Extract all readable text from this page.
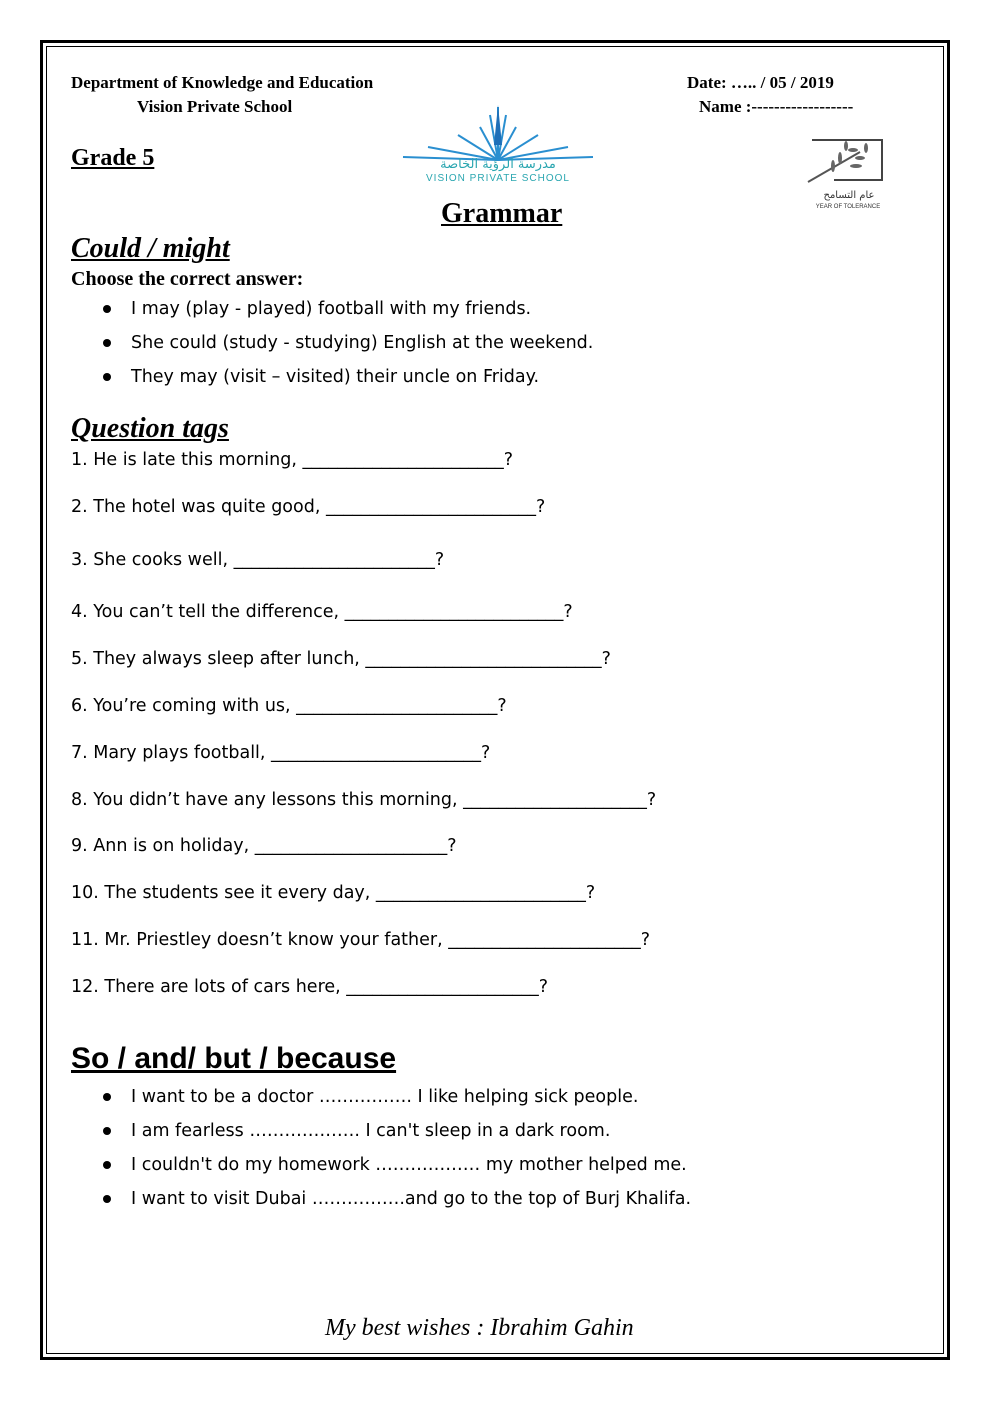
Department of Knowledge and Education
Vision Private School
Date: ….. / 05 / 2019
Name :------------------
Grade 5	مدرسة الرؤية الخاصة
VISION PRIVATE SCHOOL
عام التسامح
YEAR OF TOLERANCE
Grammar
Could / might
Choose the correct answer:
I may (play - played) football with my friends.
She could (study - studying) English at the weekend.
They may (visit – visited) their uncle on Friday.
Question tags
1. He is late this morning, _______________________?
2. The hotel was quite good, ________________________?
3. She cooks well, _______________________?
4. You can’t tell the difference, _________________________?
5. They always sleep after lunch, ___________________________?
6. You’re coming with us, _______________________?
7. Mary plays football, ________________________?
8. You didn’t have any lessons this morning, _____________________?
9. Ann is on holiday, ______________________?
10. The students see it every day, ________________________?
11. Mr. Priestley doesn’t know your father, ______________________?
12. There are lots of cars here, ______________________?
So / and/ but / because
I want to be a doctor ……………. I like helping sick people.
I am fearless ………………. I can't sleep in a dark room.
I couldn't do my homework ……………… my mother helped me.
I want to visit Dubai …………….and go to the top of Burj Khalifa.
My best wishes : Ibrahim Gahin
